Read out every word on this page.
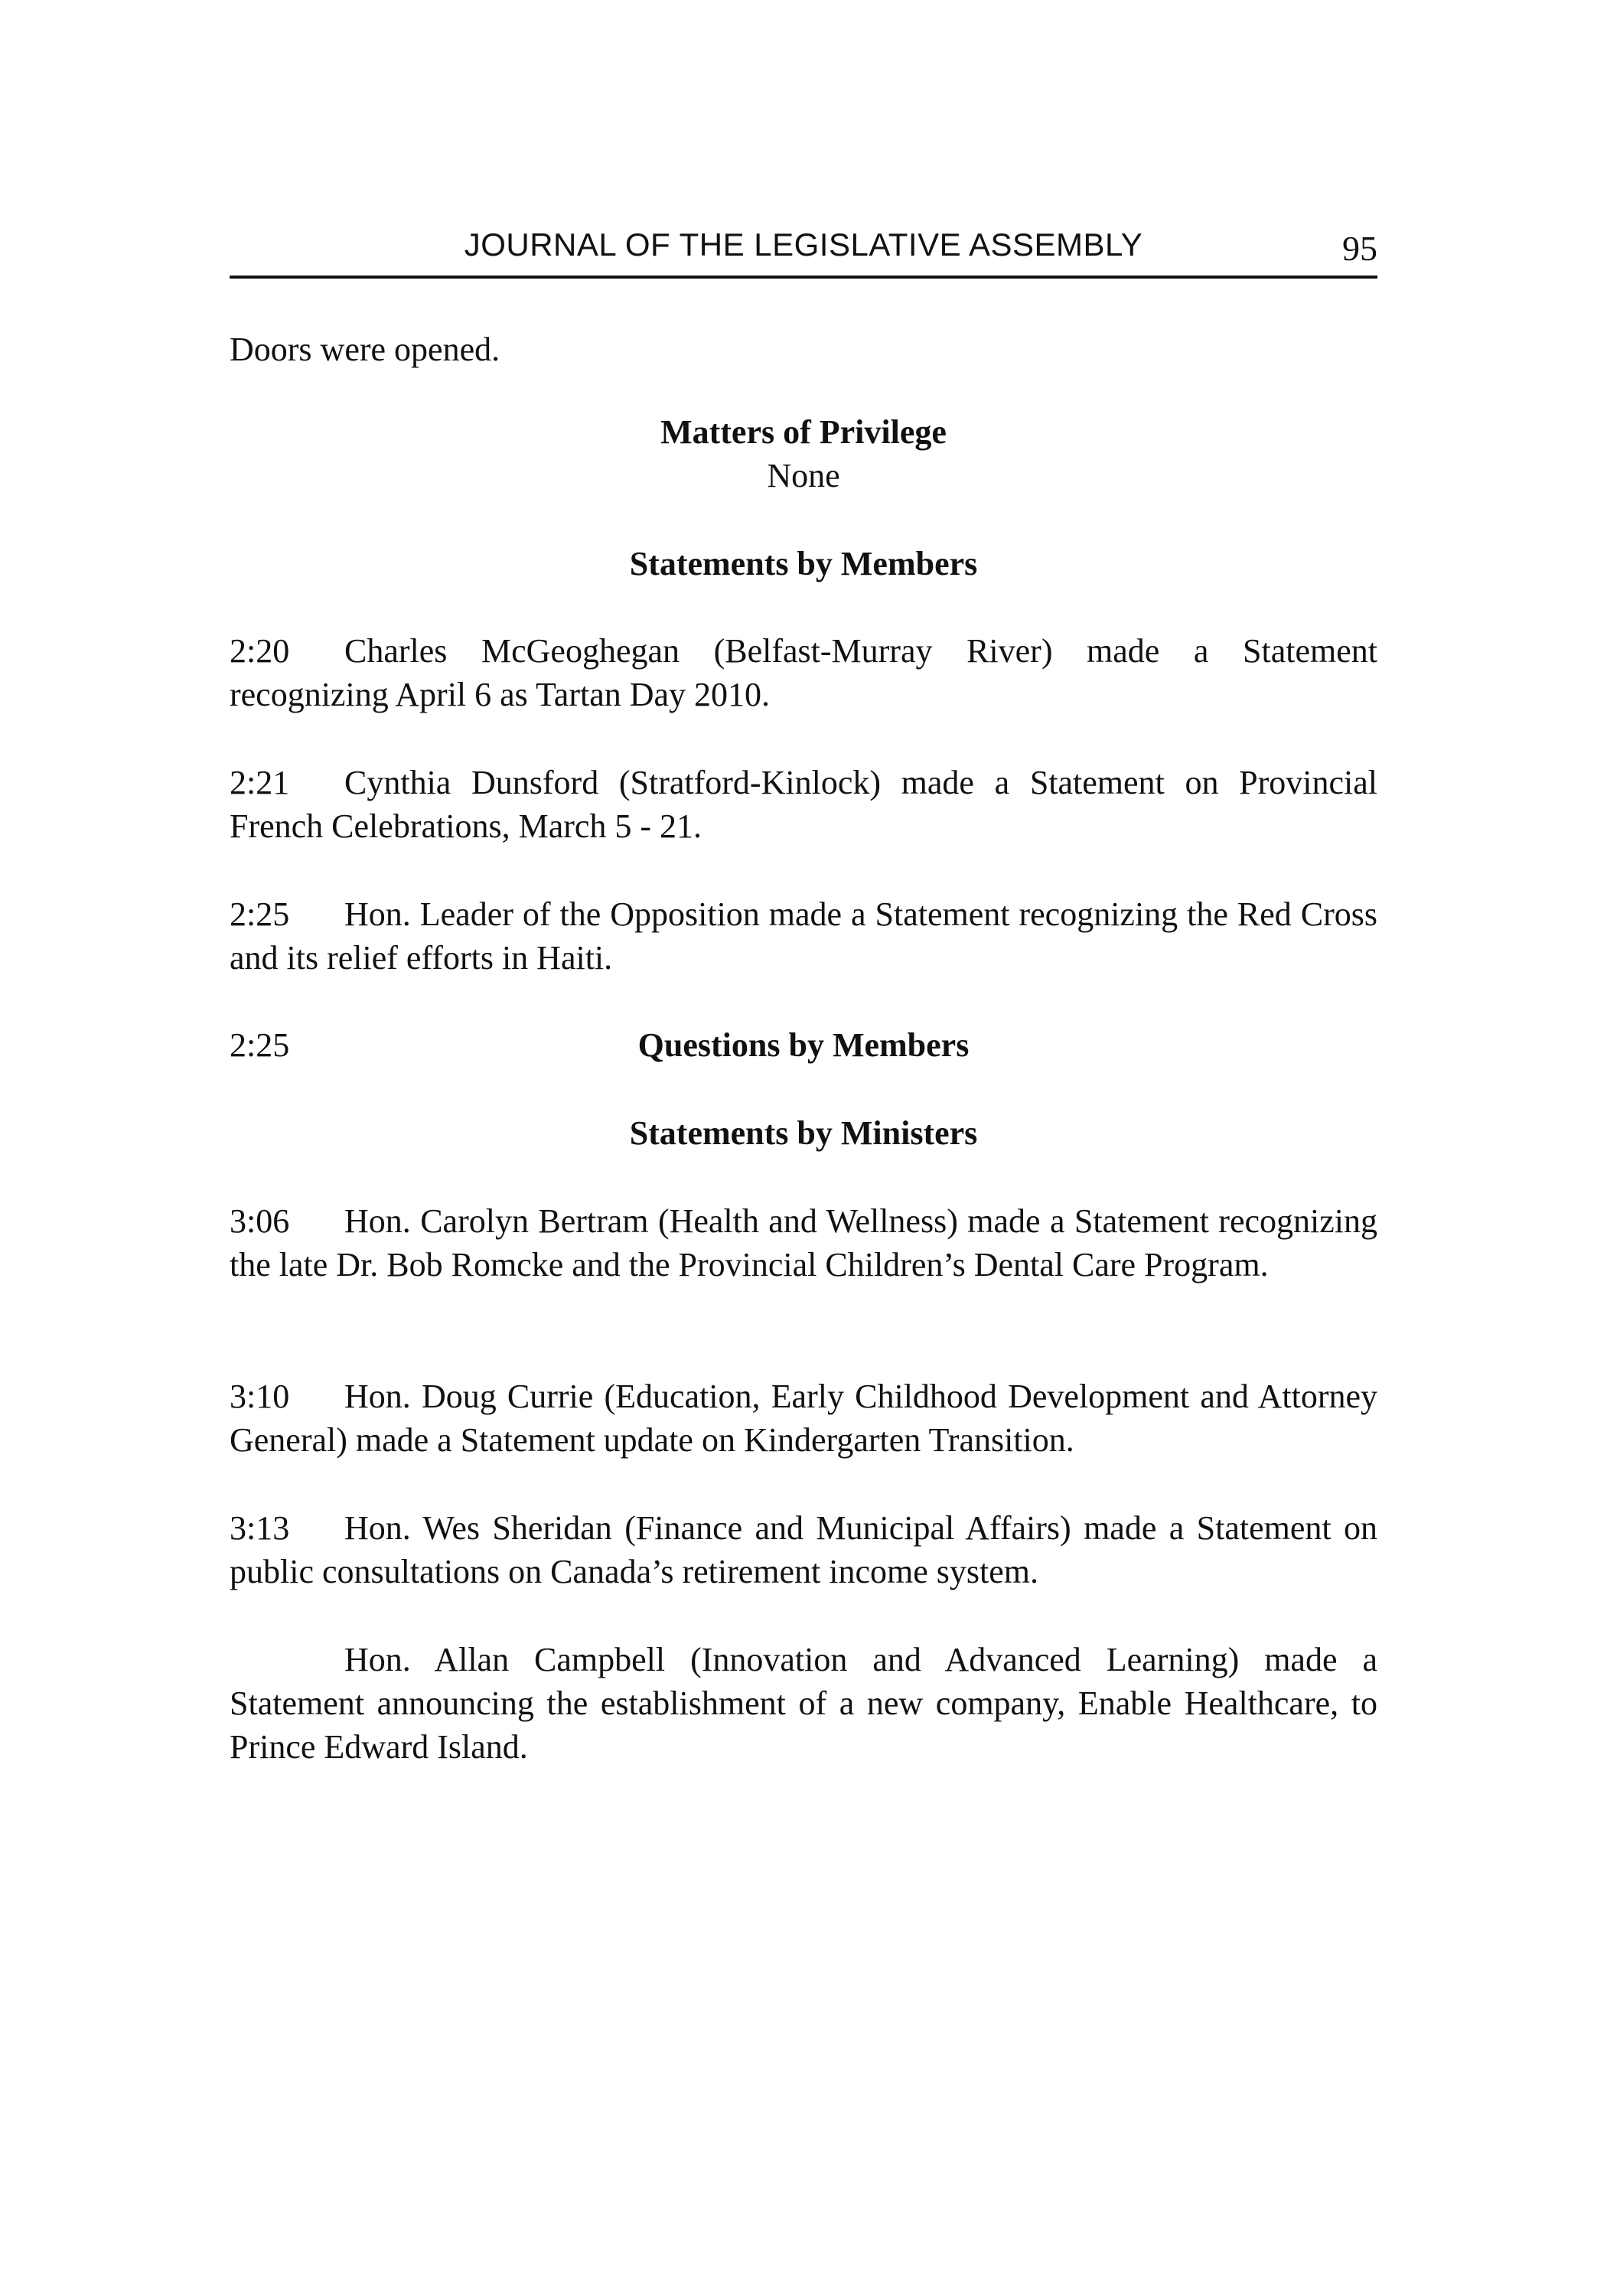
JOURNAL OF THE LEGISLATIVE ASSEMBLY	95

Doors were opened.

Matters of Privilege
None
Statements by Members

2:20 Charles McGeoghegan (Belfast-Murray River) made a Statement recognizing April 6 as Tartan Day 2010.

2:21 Cynthia Dunsford (Stratford-Kinlock) made a Statement on Provincial French Celebrations, March 5 - 21.

2:25 Hon. Leader of the Opposition made a Statement recognizing the Red Cross and its relief efforts in Haiti.

2:25	Questions by Members
Statements by Ministers

3:06 Hon. Carolyn Bertram (Health and Wellness) made a Statement recognizing the late Dr. Bob Romcke and the Provincial Children’s Dental Care Program.

3:10 Hon. Doug Currie (Education, Early Childhood Development and Attorney General) made a Statement update on Kindergarten Transition.

3:13 Hon. Wes Sheridan (Finance and Municipal Affairs) made a Statement on public consultations on Canada’s retirement income system.

Hon. Allan Campbell (Innovation and Advanced Learning) made a Statement announcing the establishment of a new company, Enable Healthcare, to Prince Edward Island.
